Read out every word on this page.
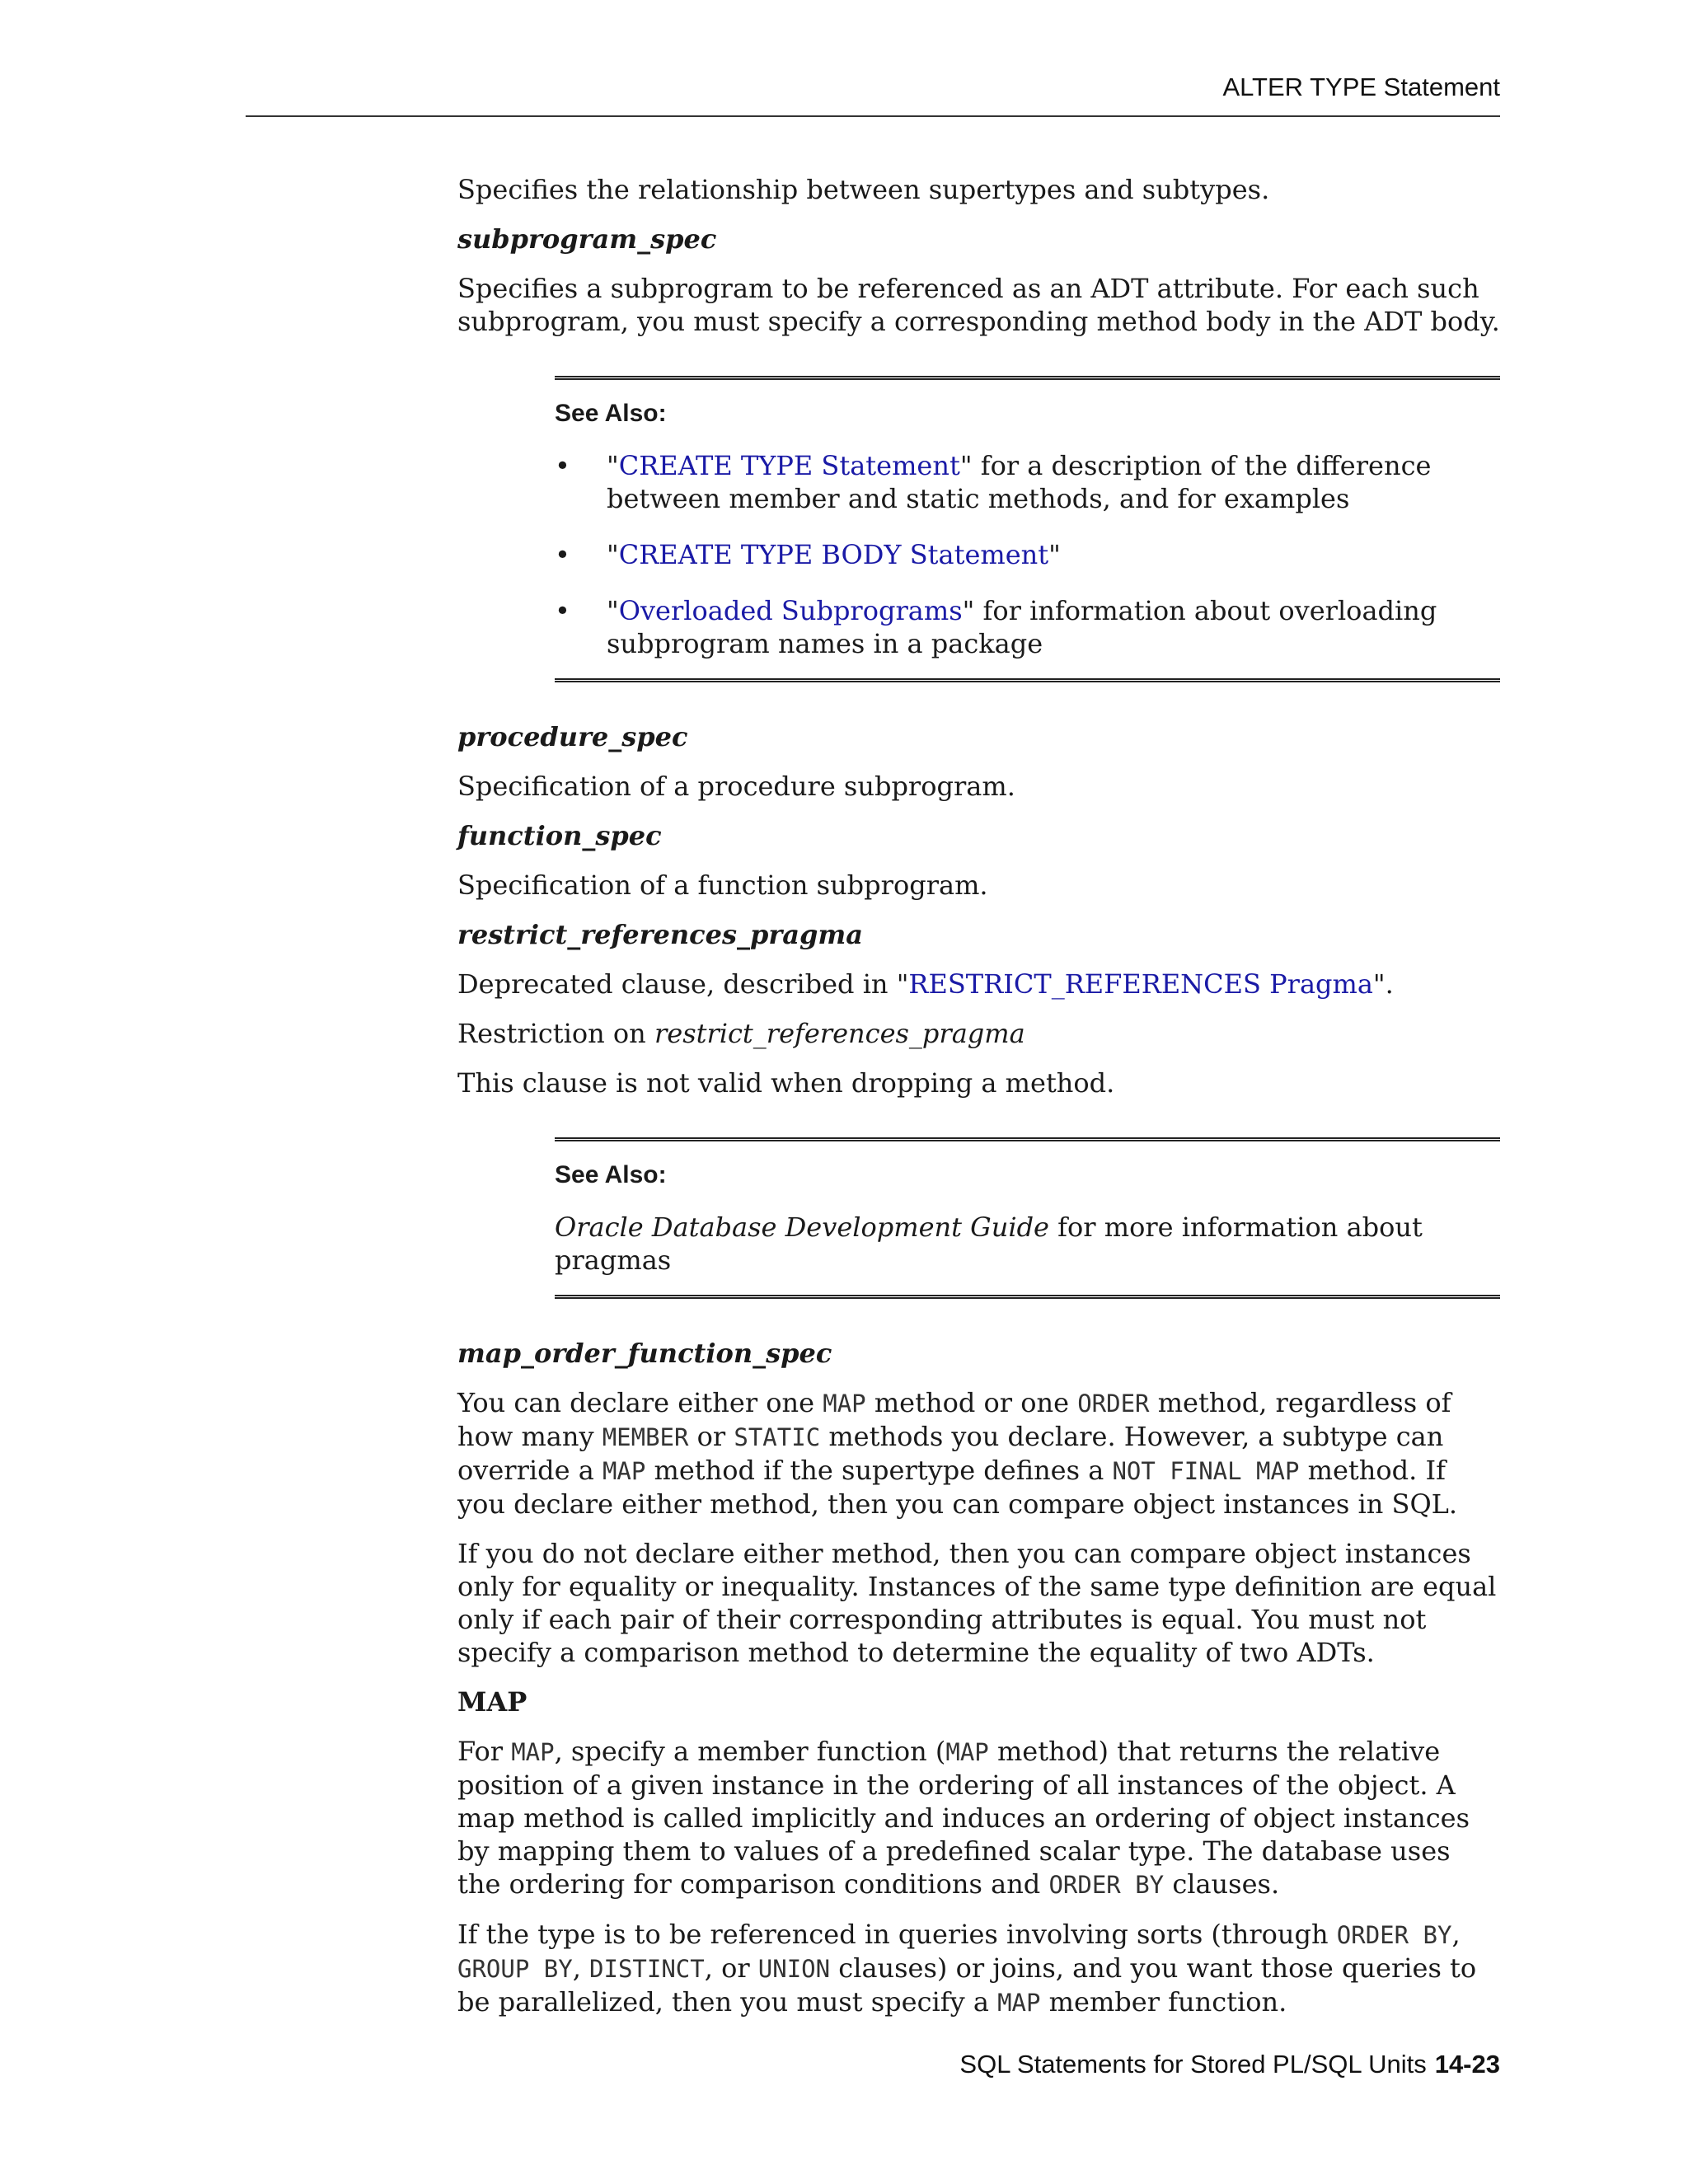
ALTER TYPE Statement

Specifies the relationship between supertypes and subtypes.

subprogram_spec

Specifies a subprogram to be referenced as an ADT attribute. For each such subprogram, you must specify a corresponding method body in the ADT body.

See Also:
• "CREATE TYPE Statement" for a description of the difference between member and static methods, and for examples
• "CREATE TYPE BODY Statement"
• "Overloaded Subprograms" for information about overloading subprogram names in a package

procedure_spec

Specification of a procedure subprogram.

function_spec

Specification of a function subprogram.

restrict_references_pragma

Deprecated clause, described in "RESTRICT_REFERENCES Pragma".

Restriction on restrict_references_pragma

This clause is not valid when dropping a method.

See Also:

Oracle Database Development Guide for more information about pragmas

map_order_function_spec

You can declare either one MAP method or one ORDER method, regardless of how many MEMBER or STATIC methods you declare. However, a subtype can override a MAP method if the supertype defines a NOT FINAL MAP method. If you declare either method, then you can compare object instances in SQL.

If you do not declare either method, then you can compare object instances only for equality or inequality. Instances of the same type definition are equal only if each pair of their corresponding attributes is equal. You must not specify a comparison method to determine the equality of two ADTs.

MAP

For MAP, specify a member function (MAP method) that returns the relative position of a given instance in the ordering of all instances of the object. A map method is called implicitly and induces an ordering of object instances by mapping them to values of a predefined scalar type. The database uses the ordering for comparison conditions and ORDER BY clauses.

If the type is to be referenced in queries involving sorts (through ORDER BY, GROUP BY, DISTINCT, or UNION clauses) or joins, and you want those queries to be parallelized, then you must specify a MAP member function.

SQL Statements for Stored PL/SQL Units 14-23
